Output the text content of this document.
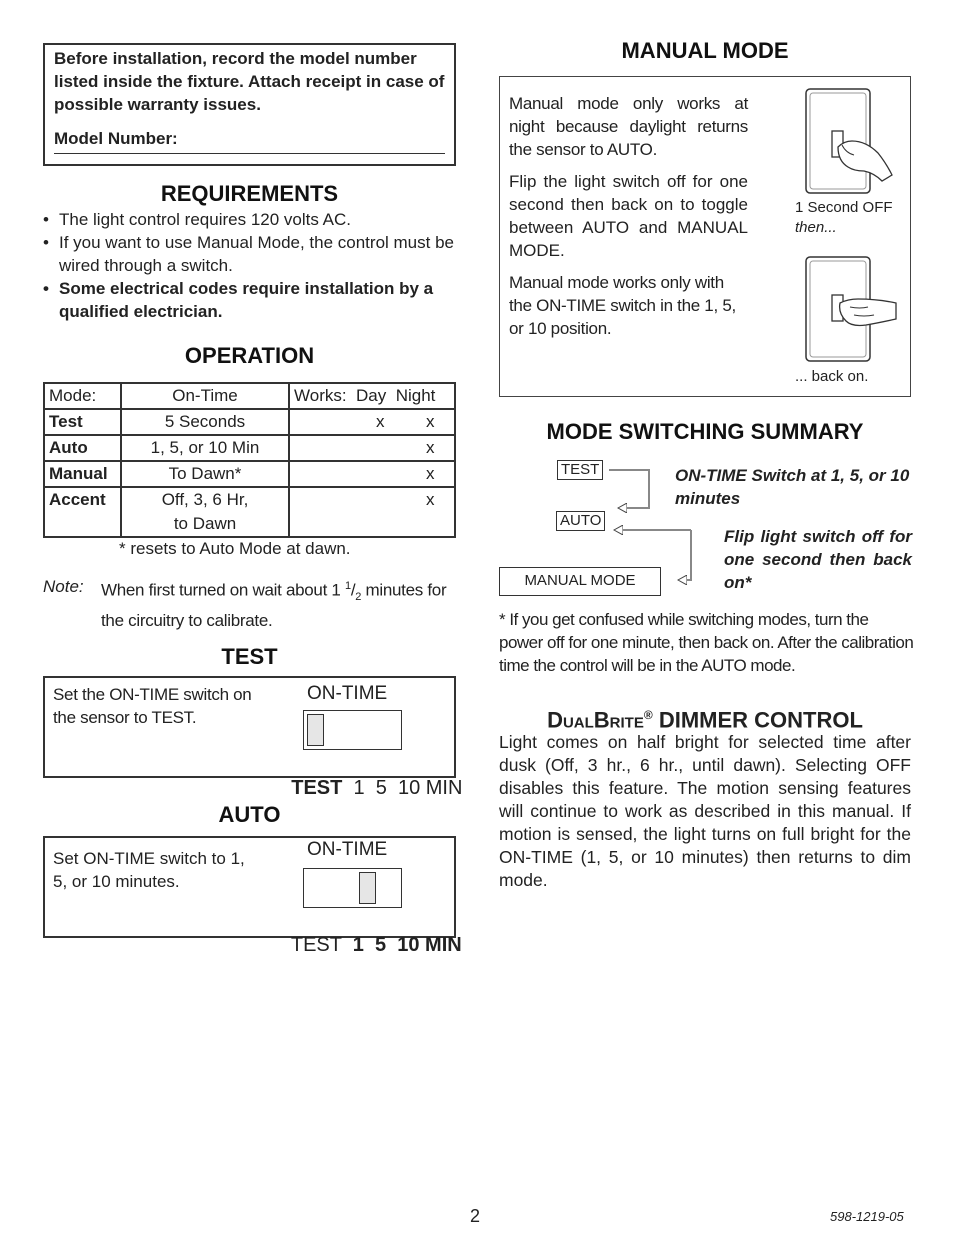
Before installation, record the model number listed inside the fixture. Attach receipt in case of possible warranty issues.
Model Number:
REQUIREMENTS
• The light control requires 120 volts AC.
• If you want to use Manual Mode, the control must be wired through a switch.
• Some electrical codes require installation by a qualified electrician.
OPERATION
Mode:	On-Time	Works:  Day  Night
Test	5 Seconds	x x

Auto	1, 5, or 10 Min	x

Manual	To Dawn*	x

Accent	Off, 3, 6 Hr,
to Dawn	x

* resets to Auto Mode at dawn.
Note: When first turned on wait about 1 $^1/_2$ minutes for the circuitry to calibrate.
TEST
Set the ON-TIME switch on the sensor to TEST.
ON-TIME

TEST 1  5  10 MIN

AUTO
Set ON-TIME switch to 1, 5, or 10 minutes.
ON-TIME

TEST 1  5  10 MIN

MANUAL MODE
Manual mode only works at night because daylight returns the sensor to AUTO.
Flip the light switch off for one second then back on to toggle between AUTO and MANUAL MODE.
Manual mode works only with the ON-TIME switch in the 1, 5, or 10 position.
1 Second OFF
then...
... back on.
MODE SWITCHING SUMMARY
TEST
AUTO
MANUAL MODE
ON-TIME Switch at 1, 5, or 10 minutes
Flip light switch off for one second then back on*
* If you get confused while switching modes, turn the power off for one minute, then back on. After the calibration time the control will be in the AUTO mode.
DualBrite® DIMMER CONTROL
Light comes on half bright for selected time after dusk (Off, 3 hr., 6 hr., until dawn). Selecting OFF disables this feature. The motion sensing features will continue to work as described in this manual. If motion is sensed, the light turns on full bright for the ON-TIME (1, 5, or 10 minutes) then returns to dim mode.
2	598-1219-05
